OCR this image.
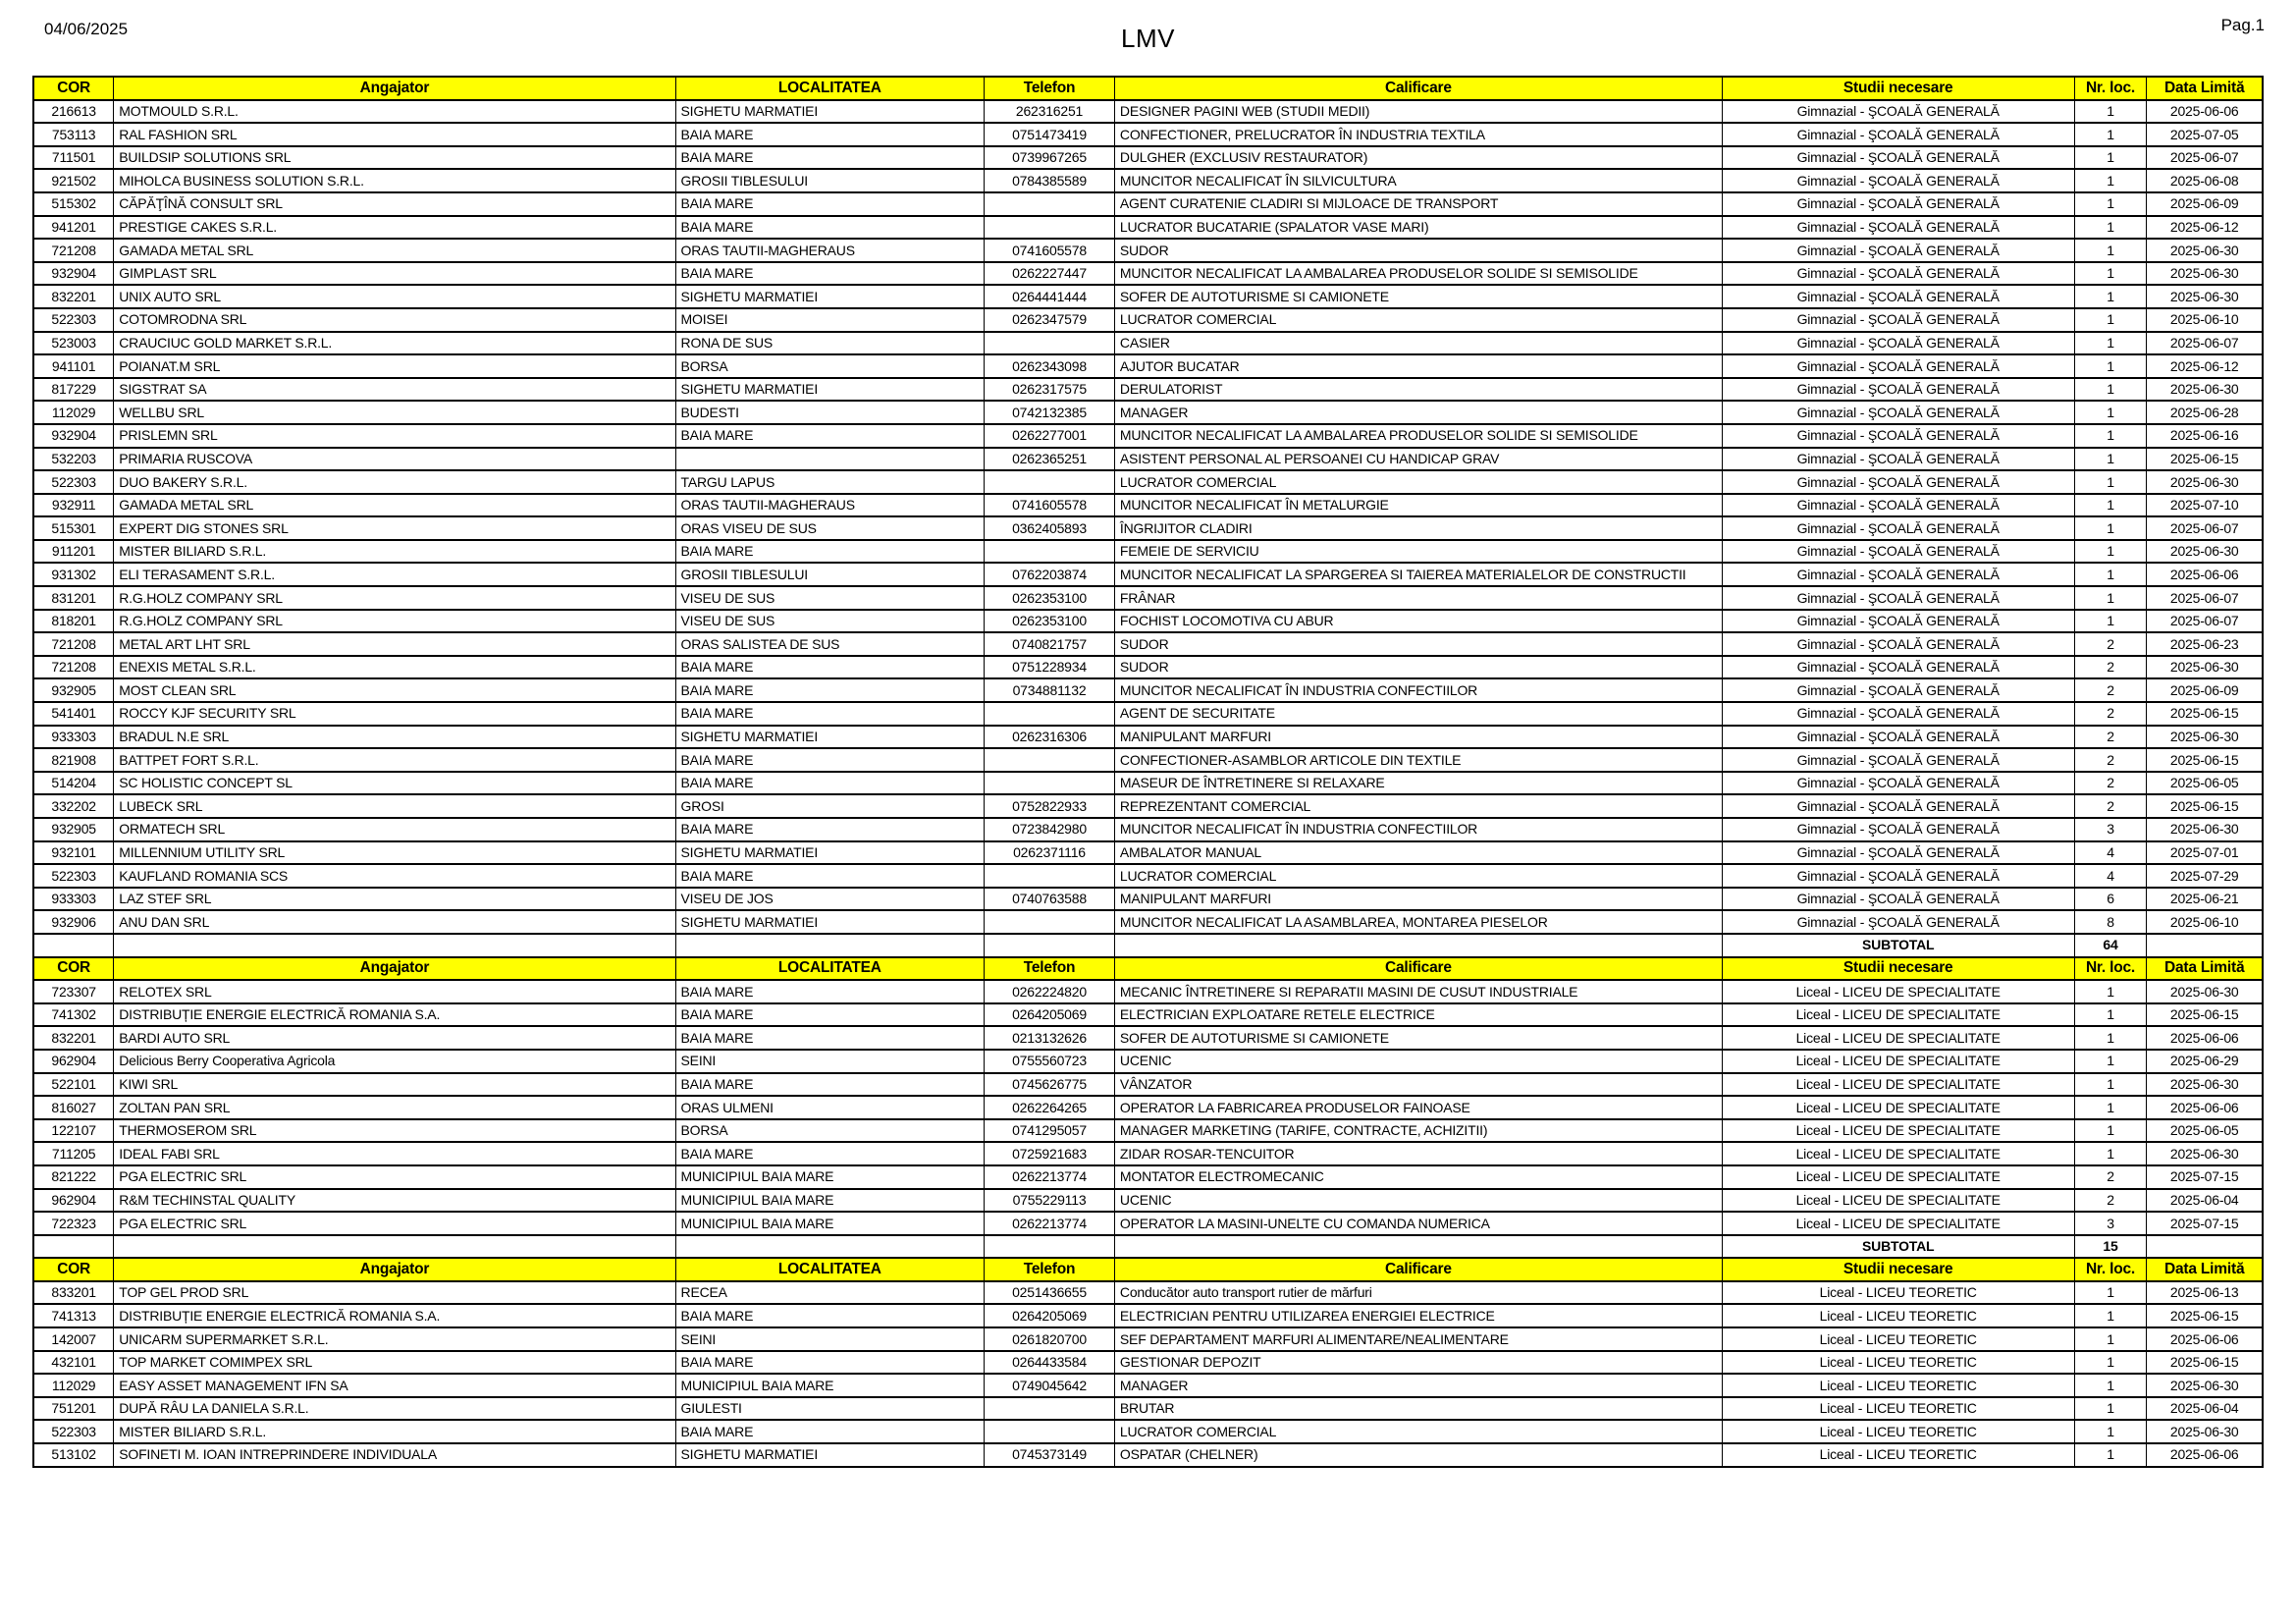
04/06/2025	LMV	Pag.1
COR	Angajator	LOCALITATEA	Telefon	Calificare	Studii necesare	Nr. loc.	Data Limită
216613	MOTMOULD S.R.L.	SIGHETU MARMATIEI	262316251	DESIGNER PAGINI WEB (STUDII MEDII)	Gimnazial - ŞCOALĂ GENERALĂ	1	2025-06-06
753113	RAL FASHION SRL	BAIA MARE	0751473419	CONFECTIONER, PRELUCRATOR ÎN INDUSTRIA TEXTILA	Gimnazial - ŞCOALĂ GENERALĂ	1	2025-07-05
711501	BUILDSIP SOLUTIONS SRL	BAIA MARE	0739967265	DULGHER (EXCLUSIV RESTAURATOR)	Gimnazial - ŞCOALĂ GENERALĂ	1	2025-06-07
921502	MIHOLCA BUSINESS SOLUTION S.R.L.	GROSII TIBLESULUI	0784385589	MUNCITOR NECALIFICAT ÎN SILVICULTURA	Gimnazial - ŞCOALĂ GENERALĂ	1	2025-06-08
515302	CĂPĂŢÎNĂ CONSULT SRL	BAIA MARE		AGENT CURATENIE CLADIRI SI MIJLOACE DE TRANSPORT	Gimnazial - ŞCOALĂ GENERALĂ	1	2025-06-09
941201	PRESTIGE CAKES S.R.L.	BAIA MARE		LUCRATOR BUCATARIE (SPALATOR VASE MARI)	Gimnazial - ŞCOALĂ GENERALĂ	1	2025-06-12
721208	GAMADA METAL SRL	ORAS TAUTII-MAGHERAUS	0741605578	SUDOR	Gimnazial - ŞCOALĂ GENERALĂ	1	2025-06-30
932904	GIMPLAST SRL	BAIA MARE	0262227447	MUNCITOR NECALIFICAT LA AMBALAREA PRODUSELOR SOLIDE SI SEMISOLIDE	Gimnazial - ŞCOALĂ GENERALĂ	1	2025-06-30
832201	UNIX AUTO SRL	SIGHETU MARMATIEI	0264441444	SOFER DE AUTOTURISME SI CAMIONETE	Gimnazial - ŞCOALĂ GENERALĂ	1	2025-06-30
522303	COTOMRODNA SRL	MOISEI	0262347579	LUCRATOR COMERCIAL	Gimnazial - ŞCOALĂ GENERALĂ	1	2025-06-10
523003	CRAUCIUC GOLD MARKET S.R.L.	RONA DE SUS		CASIER	Gimnazial - ŞCOALĂ GENERALĂ	1	2025-06-07
941101	POIANAT.M SRL	BORSA	0262343098	AJUTOR BUCATAR	Gimnazial - ŞCOALĂ GENERALĂ	1	2025-06-12
817229	SIGSTRAT SA	SIGHETU MARMATIEI	0262317575	DERULATORIST	Gimnazial - ŞCOALĂ GENERALĂ	1	2025-06-30
112029	WELLBU SRL	BUDESTI	0742132385	MANAGER	Gimnazial - ŞCOALĂ GENERALĂ	1	2025-06-28
932904	PRISLEMN SRL	BAIA MARE	0262277001	MUNCITOR NECALIFICAT LA AMBALAREA PRODUSELOR SOLIDE SI SEMISOLIDE	Gimnazial - ŞCOALĂ GENERALĂ	1	2025-06-16
532203	PRIMARIA RUSCOVA		0262365251	ASISTENT PERSONAL AL PERSOANEI CU HANDICAP GRAV	Gimnazial - ŞCOALĂ GENERALĂ	1	2025-06-15
522303	DUO BAKERY S.R.L.	TARGU LAPUS		LUCRATOR COMERCIAL	Gimnazial - ŞCOALĂ GENERALĂ	1	2025-06-30
932911	GAMADA METAL SRL	ORAS TAUTII-MAGHERAUS	0741605578	MUNCITOR NECALIFICAT ÎN METALURGIE	Gimnazial - ŞCOALĂ GENERALĂ	1	2025-07-10
515301	EXPERT DIG STONES SRL	ORAS VISEU DE SUS	0362405893	ÎNGRIJITOR CLADIRI	Gimnazial - ŞCOALĂ GENERALĂ	1	2025-06-07
911201	MISTER BILIARD S.R.L.	BAIA MARE		FEMEIE DE SERVICIU	Gimnazial - ŞCOALĂ GENERALĂ	1	2025-06-30
931302	ELI TERASAMENT S.R.L.	GROSII TIBLESULUI	0762203874	MUNCITOR NECALIFICAT LA SPARGEREA SI TAIEREA MATERIALELOR DE CONSTRUCTII	Gimnazial - ŞCOALĂ GENERALĂ	1	2025-06-06
831201	R.G.HOLZ COMPANY SRL	VISEU DE SUS	0262353100	FRÂNAR	Gimnazial - ŞCOALĂ GENERALĂ	1	2025-06-07
818201	R.G.HOLZ COMPANY SRL	VISEU DE SUS	0262353100	FOCHIST LOCOMOTIVA CU ABUR	Gimnazial - ŞCOALĂ GENERALĂ	1	2025-06-07
721208	METAL ART LHT SRL	ORAS SALISTEA DE SUS	0740821757	SUDOR	Gimnazial - ŞCOALĂ GENERALĂ	2	2025-06-23
721208	ENEXIS METAL S.R.L.	BAIA MARE	0751228934	SUDOR	Gimnazial - ŞCOALĂ GENERALĂ	2	2025-06-30
932905	MOST CLEAN SRL	BAIA MARE	0734881132	MUNCITOR NECALIFICAT ÎN INDUSTRIA CONFECTIILOR	Gimnazial - ŞCOALĂ GENERALĂ	2	2025-06-09
541401	ROCCY KJF SECURITY SRL	BAIA MARE		AGENT DE SECURITATE	Gimnazial - ŞCOALĂ GENERALĂ	2	2025-06-15
933303	BRADUL N.E SRL	SIGHETU MARMATIEI	0262316306	MANIPULANT MARFURI	Gimnazial - ŞCOALĂ GENERALĂ	2	2025-06-30
821908	BATTPET FORT S.R.L.	BAIA MARE		CONFECTIONER-ASAMBLOR ARTICOLE DIN TEXTILE	Gimnazial - ŞCOALĂ GENERALĂ	2	2025-06-15
514204	SC HOLISTIC CONCEPT SL	BAIA MARE		MASEUR DE ÎNTRETINERE SI RELAXARE	Gimnazial - ŞCOALĂ GENERALĂ	2	2025-06-05
332202	LUBECK SRL	GROSI	0752822933	REPREZENTANT COMERCIAL	Gimnazial - ŞCOALĂ GENERALĂ	2	2025-06-15
932905	ORMATECH SRL	BAIA MARE	0723842980	MUNCITOR NECALIFICAT ÎN INDUSTRIA CONFECTIILOR	Gimnazial - ŞCOALĂ GENERALĂ	3	2025-06-30
932101	MILLENNIUM UTILITY SRL	SIGHETU MARMATIEI	0262371116	AMBALATOR MANUAL	Gimnazial - ŞCOALĂ GENERALĂ	4	2025-07-01
522303	KAUFLAND ROMANIA SCS	BAIA MARE		LUCRATOR COMERCIAL	Gimnazial - ŞCOALĂ GENERALĂ	4	2025-07-29
933303	LAZ STEF SRL	VISEU DE JOS	0740763588	MANIPULANT MARFURI	Gimnazial - ŞCOALĂ GENERALĂ	6	2025-06-21
932906	ANU DAN SRL	SIGHETU MARMATIEI		MUNCITOR NECALIFICAT LA ASAMBLAREA, MONTAREA PIESELOR	Gimnazial - ŞCOALĂ GENERALĂ	8	2025-06-10
					SUBTOTAL	64	
COR	Angajator	LOCALITATEA	Telefon	Calificare	Studii necesare	Nr. loc.	Data Limită
723307	RELOTEX SRL	BAIA MARE	0262224820	MECANIC ÎNTRETINERE SI REPARATII MASINI DE CUSUT INDUSTRIALE	Liceal - LICEU DE SPECIALITATE	1	2025-06-30
741302	DISTRIBUȚIE ENERGIE ELECTRICĂ ROMANIA S.A.	BAIA MARE	0264205069	ELECTRICIAN EXPLOATARE RETELE ELECTRICE	Liceal - LICEU DE SPECIALITATE	1	2025-06-15
832201	BARDI AUTO SRL	BAIA MARE	0213132626	SOFER DE AUTOTURISME SI CAMIONETE	Liceal - LICEU DE SPECIALITATE	1	2025-06-06
962904	Delicious Berry Cooperativa Agricola	SEINI	0755560723	UCENIC	Liceal - LICEU DE SPECIALITATE	1	2025-06-29
522101	KIWI SRL	BAIA MARE	0745626775	VÂNZATOR	Liceal - LICEU DE SPECIALITATE	1	2025-06-30
816027	ZOLTAN PAN SRL	ORAS ULMENI	0262264265	OPERATOR LA FABRICAREA PRODUSELOR FAINOASE	Liceal - LICEU DE SPECIALITATE	1	2025-06-06
122107	THERMOSEROM SRL	BORSA	0741295057	MANAGER MARKETING (TARIFE, CONTRACTE, ACHIZITII)	Liceal - LICEU DE SPECIALITATE	1	2025-06-05
711205	IDEAL FABI SRL	BAIA MARE	0725921683	ZIDAR ROSAR-TENCUITOR	Liceal - LICEU DE SPECIALITATE	1	2025-06-30
821222	PGA ELECTRIC SRL	MUNICIPIUL BAIA MARE	0262213774	MONTATOR ELECTROMECANIC	Liceal - LICEU DE SPECIALITATE	2	2025-07-15
962904	R&M TECHINSTAL QUALITY	MUNICIPIUL BAIA MARE	0755229113	UCENIC	Liceal - LICEU DE SPECIALITATE	2	2025-06-04
722323	PGA ELECTRIC SRL	MUNICIPIUL BAIA MARE	0262213774	OPERATOR LA MASINI-UNELTE CU COMANDA NUMERICA	Liceal - LICEU DE SPECIALITATE	3	2025-07-15
					SUBTOTAL	15	
COR	Angajator	LOCALITATEA	Telefon	Calificare	Studii necesare	Nr. loc.	Data Limită
833201	TOP GEL PROD SRL	RECEA	0251436655	Conducător auto transport rutier de mărfuri	Liceal - LICEU TEORETIC	1	2025-06-13
741313	DISTRIBUȚIE ENERGIE ELECTRICĂ ROMANIA S.A.	BAIA MARE	0264205069	ELECTRICIAN PENTRU UTILIZAREA ENERGIEI ELECTRICE	Liceal - LICEU TEORETIC	1	2025-06-15
142007	UNICARM SUPERMARKET S.R.L.	SEINI	0261820700	SEF DEPARTAMENT MARFURI ALIMENTARE/NEALIMENTARE	Liceal - LICEU TEORETIC	1	2025-06-06
432101	TOP MARKET COMIMPEX SRL	BAIA MARE	0264433584	GESTIONAR DEPOZIT	Liceal - LICEU TEORETIC	1	2025-06-15
112029	EASY ASSET MANAGEMENT IFN SA	MUNICIPIUL BAIA MARE	0749045642	MANAGER	Liceal - LICEU TEORETIC	1	2025-06-30
751201	DUPĂ RÂU LA DANIELA S.R.L.	GIULESTI		BRUTAR	Liceal - LICEU TEORETIC	1	2025-06-04
522303	MISTER BILIARD S.R.L.	BAIA MARE		LUCRATOR COMERCIAL	Liceal - LICEU TEORETIC	1	2025-06-30
513102	SOFINETI M. IOAN INTREPRINDERE INDIVIDUALA	SIGHETU MARMATIEI	0745373149	OSPATAR (CHELNER)	Liceal - LICEU TEORETIC	1	2025-06-06
